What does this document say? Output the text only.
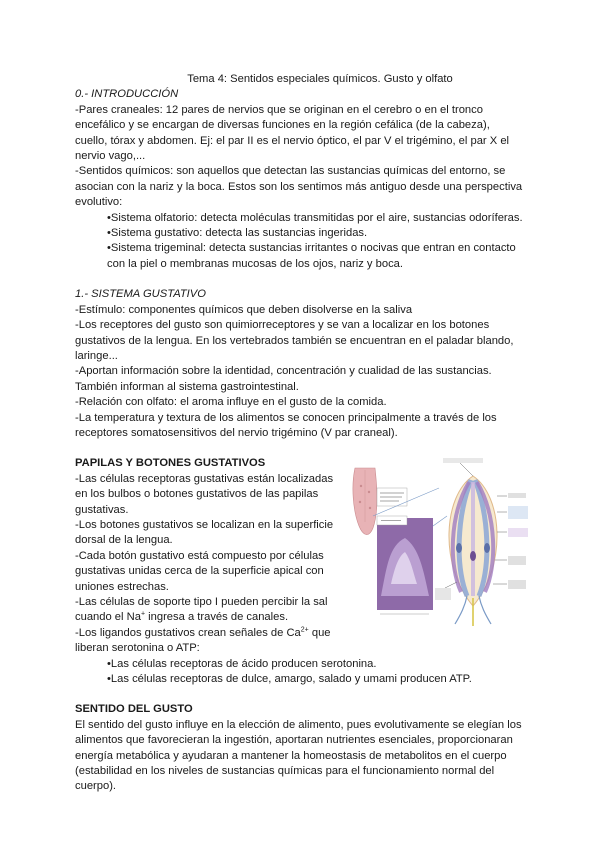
Tema 4: Sentidos especiales químicos. Gusto y olfato
0.- INTRODUCCIÓN

-Pares craneales: 12 pares de nervios que se originan en el cerebro o en el tronco encefálico y se encargan de diversas funciones en la región cefálica (de la cabeza), cuello, tórax y abdomen. Ej: el par II es el nervio óptico, el par V el trigémino, el par X el nervio vago,...

-Sentidos químicos: son aquellos que detectan las sustancias químicas del entorno, se asocian con la nariz y la boca. Estos son los sentimos más antiguo desde una perspectiva evolutivo:

•Sistema olfatorio: detecta moléculas transmitidas por el aire, sustancias odoríferas.
•Sistema gustativo: detecta las sustancias ingeridas.
•Sistema trigeminal: detecta sustancias irritantes o nocivas que entran en contacto con la piel o membranas mucosas de los ojos, nariz y boca.
1.- SISTEMA GUSTATIVO

-Estímulo: componentes químicos que deben disolverse en la saliva

-Los receptores del gusto son quimiorreceptores y se van a localizar en los botones gustativos de la lengua. En los vertebrados también se encuentran en el paladar blando, laringe...

-Aportan información sobre la identidad, concentración y cualidad de las sustancias. También informan al sistema gastrointestinal.

-Relación con olfato: el aroma influye en el gusto de la comida.

-La temperatura y textura de los alimentos se conocen principalmente a través de los receptores somatosensitivos del nervio trigémino (V par craneal).

PAPILAS Y BOTONES GUSTATIVOS

-Las células receptoras gustativas están localizadas en los bulbos o botones gustativos de las papilas gustativas.

-Los botones gustativos se localizan en la superficie dorsal de la lengua.

-Cada botón gustativo está compuesto por células gustativas unidas cerca de la superficie apical con uniones estrechas.

-Las células de soporte tipo I pueden percibir la sal cuando el Na+ ingresa a través de canales.

-Los ligandos gustativos crean señales de $Ca^{2+}$ que liberan serotonina o ATP:

•Las células receptoras de ácido producen serotonina.
•Las células receptoras de dulce, amargo, salado y umami producen ATP.
SENTIDO DEL GUSTO

El sentido del gusto influye en la elección de alimento, pues evolutivamente se elegían los alimentos que favorecieran la ingestión, aportaran nutrientes esenciales, proporcionaran energía metabólica y ayudaran a mantener la homeostasis de metabolitos en el cuerpo (estabilidad en los niveles de sustancias químicas para el funcionamiento normal del cuerpo).
